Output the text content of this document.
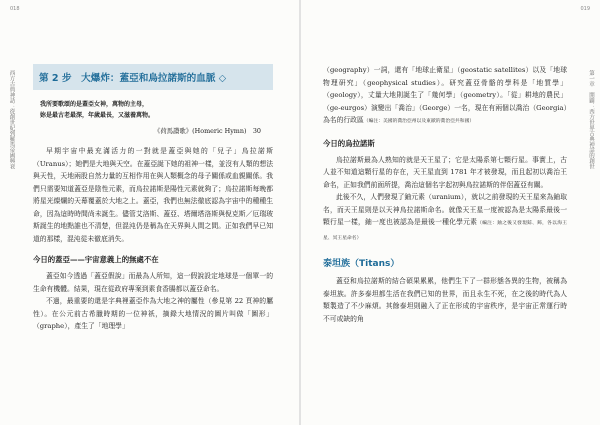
018
西方古典神話：從創世紀到羅馬帝國興衰	第 2 步　大爆炸：蓋亞和烏拉諾斯的血脈 ◇
我所要歌頌的是蓋亞女神，萬物的主母，
妳是最古老最深，年歲最長，又滋養萬物。
《荷馬讚歌》(Homeric Hymn)　30

早期宇宙中最充滿活力的一對就是蓋亞與她的「兒子」烏拉諾斯（Uranus）；她們是大地與天空。在蓋亞誕下她的祖神一樣，並沒有人類的想法與天性，天地兩股自然力量的互相作用在與人類概念的母子關係或血親關係。我們只需要知道蓋亞是陰性元素，而烏拉諾斯是陽性元素就夠了；烏拉諾斯每晚都將星光燦爛的天幕覆蓋於大地之上。蓋亞，我們也無法徹底認為宇宙中的種種生命，因為這時時間尚未誕生。儘管艾洛斯、蓋亞、塔爾塔洛斯與倪克斯／厄瑞玻斯誕生的地點誰也不清楚，但混沌仍是稱為在天界與人間之間。正如我們早已知道的那樣，混沌從未徹底消失。

今日的蓋亞——宇宙意義上的無處不在

蓋亞如今透過「蓋亞假說」而最為人所知，這一假說設定地球是一個單一的生命有機體。結果，現在從政府專案到素食香腸都以蓋亞命名。

不過，最重要的還是字典裡蓋亞作為大地之神的屬性（參見第 22 頁神的屬性）。在公元前古希臘時期的一位神祇，摘錄大地情況的圖片叫做「圖形」（graphe），產生了「地理學」

019
第一章　開闢：西方世界古典神話的創世

（geography）一詞，還有「地球止衛星」（geostatic satellites）以及「地球物理研究」（geophysical studies）。研究蓋亞骨骼的學科是「地質學」（geology），丈量大地則誕生了「幾何學」（geometry）。「從」耕地的農民」（ge-eurgos）演變出「喬治」（George）一名，現在有兩個以喬治（Georgia）為名的行政區（編注：美國的喬治亞州以及東歐的喬治亞共和國）

今日的烏拉諾斯

烏拉諾斯最為人熟知的就是天王星了；它是太陽系第七顆行星。事實上，古人並不知道這顆行星的存在，天王星直到 1781 年才被發現，而且起初以喬治王命名，正如我們前面所提，喬治這個名字起初與烏拉諾斯的伴侶蓋亞有關。

此後不久，人們發現了鈾元素（uranium），就以之前發現的天王星來為鈾取名，而天王星則是以天神烏拉諾斯命名。就像天王星一度被認為是太陽系最後一顆行星一樣，鈾一度也被認為是最後一種化學元素（編注：鈾之後又發現錼、鈽，各以海王星、冥王星命名）

泰坦族（Titans）

蓋亞和烏拉諾斯的結合碩果累累，他們生下了一群形態各異的生物，被稱為泰坦族。許多泰坦都生活在我們已知的世界，而且永生不死，在之後的時代為人類製造了不少麻煩。其餘泰坦則融入了正在形成的宇宙秩序，是宇宙正常運行時不可或缺的角
